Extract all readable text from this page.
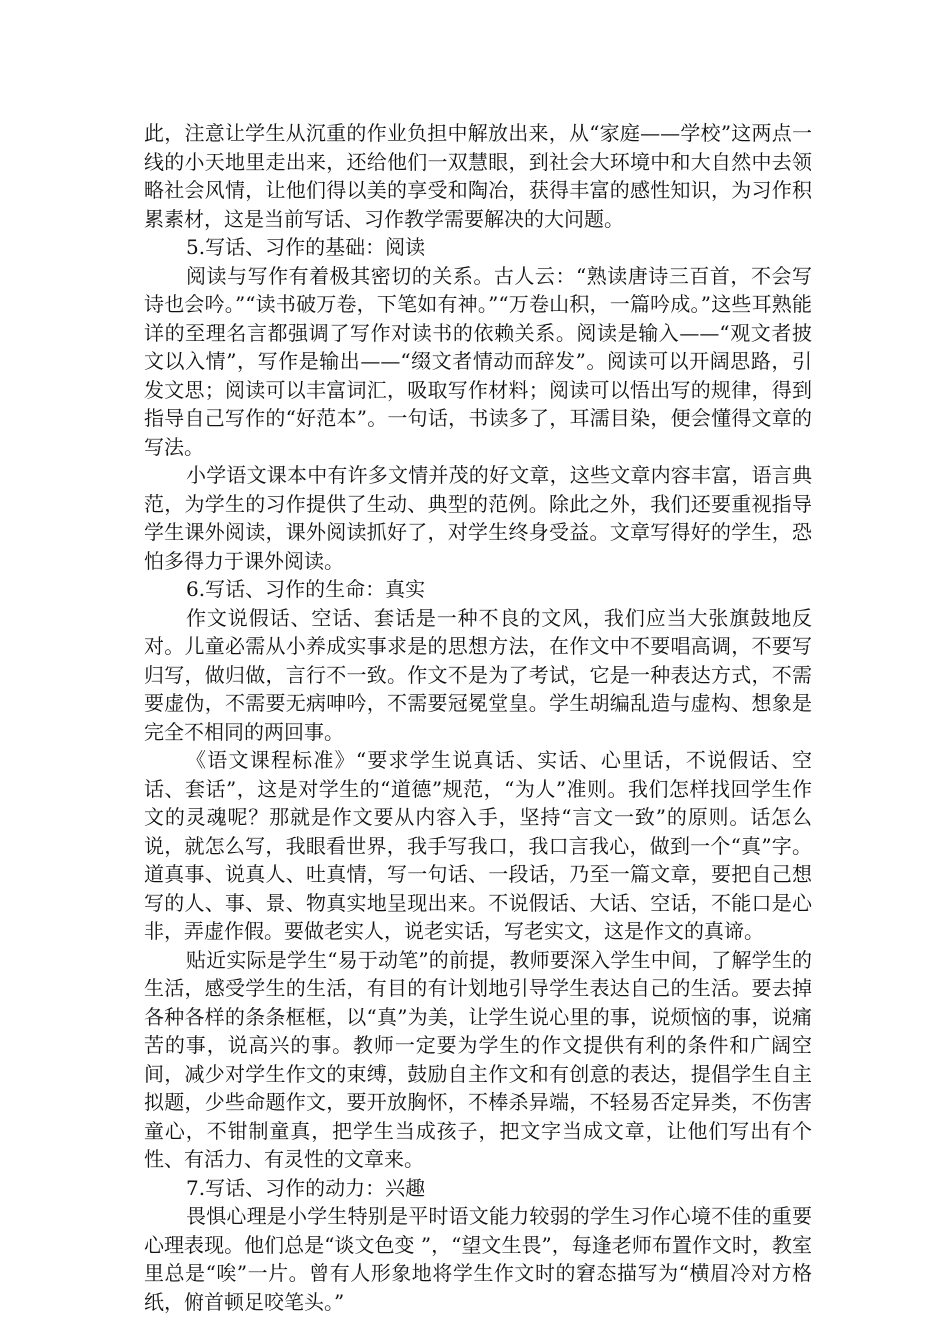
此，注意让学生从沉重的作业负担中解放出来，从“家庭——学校”这两点一线的小天地里走出来，还给他们一双慧眼，到社会大环境中和大自然中去领略社会风情，让他们得以美的享受和陶冶，获得丰富的感性知识，为习作积累素材，这是当前写话、习作教学需要解决的大问题。

5.写话、习作的基础：阅读

阅读与写作有着极其密切的关系。古人云：“熟读唐诗三百首，不会写诗也会吟。”“读书破万卷，下笔如有神。”“万卷山积，一篇吟成。”这些耳熟能详的至理名言都强调了写作对读书的依赖关系。阅读是输入——“观文者披文以入情”，写作是输出——“缀文者情动而辞发”。阅读可以开阔思路，引发文思；阅读可以丰富词汇，吸取写作材料；阅读可以悟出写的规律，得到指导自己写作的“好范本”。一句话，书读多了，耳濡目染，便会懂得文章的写法。

小学语文课本中有许多文情并茂的好文章，这些文章内容丰富，语言典范，为学生的习作提供了生动、典型的范例。除此之外，我们还要重视指导学生课外阅读，课外阅读抓好了，对学生终身受益。文章写得好的学生，恐怕多得力于课外阅读。

6.写话、习作的生命：真实

作文说假话、空话、套话是一种不良的文风，我们应当大张旗鼓地反对。儿童必需从小养成实事求是的思想方法，在作文中不要唱高调，不要写归写，做归做，言行不一致。作文不是为了考试，它是一种表达方式，不需要虚伪，不需要无病呻吟，不需要冠冕堂皇。学生胡编乱造与虚构、想象是完全不相同的两回事。

《语文课程标准》“要求学生说真话、实话、心里话，不说假话、空话、套话”，这是对学生的“道德”规范，“为人”准则。我们怎样找回学生作文的灵魂呢？那就是作文要从内容入手，坚持“言文一致”的原则。话怎么说，就怎么写，我眼看世界，我手写我口，我口言我心，做到一个“真”字。道真事、说真人、吐真情，写一句话、一段话，乃至一篇文章，要把自己想写的人、事、景、物真实地呈现出来。不说假话、大话、空话，不能口是心非，弄虚作假。要做老实人，说老实话，写老实文，这是作文的真谛。

贴近实际是学生“易于动笔”的前提，教师要深入学生中间，了解学生的生活，感受学生的生活，有目的有计划地引导学生表达自己的生活。要去掉各种各样的条条框框，以“真”为美，让学生说心里的事，说烦恼的事，说痛苦的事，说高兴的事。教师一定要为学生的作文提供有利的条件和广阔空间，减少对学生作文的束缚，鼓励自主作文和有创意的表达，提倡学生自主拟题，少些命题作文，要开放胸怀，不棒杀异端，不轻易否定异类，不伤害童心，不钳制童真，把学生当成孩子，把文字当成文章，让他们写出有个性、有活力、有灵性的文章来。

7.写话、习作的动力：兴趣

畏惧心理是小学生特别是平时语文能力较弱的学生习作心境不佳的重要心理表现。他们总是“谈文色变 ”，“望文生畏”，每逢老师布置作文时，教室里总是“唉”一片。曾有人形象地将学生作文时的窘态描写为“横眉冷对方格纸，俯首顿足咬笔头。”
